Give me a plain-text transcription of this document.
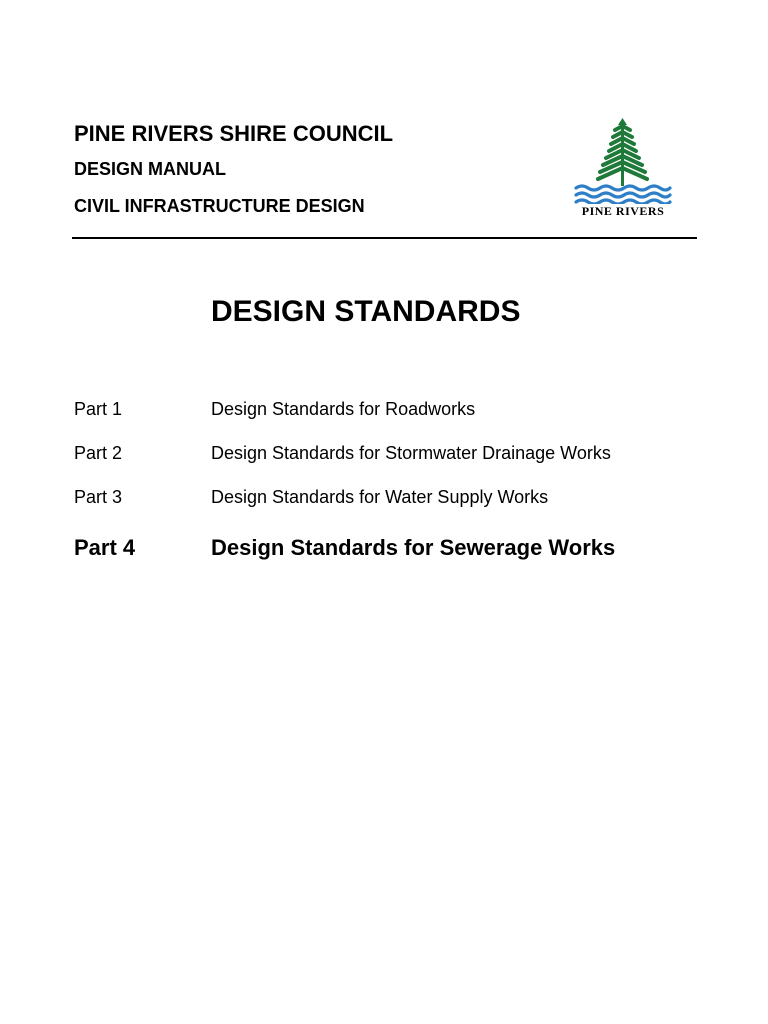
PINE RIVERS SHIRE COUNCIL

DESIGN MANUAL

CIVIL INFRASTRUCTURE DESIGN	PINE RIVERS
DESIGN STANDARDS
Part 1	Design Standards for Roadworks
Part 2	Design Standards for Stormwater Drainage Works
Part 3	Design Standards for Water Supply Works
Part 4	Design Standards for Sewerage Works
